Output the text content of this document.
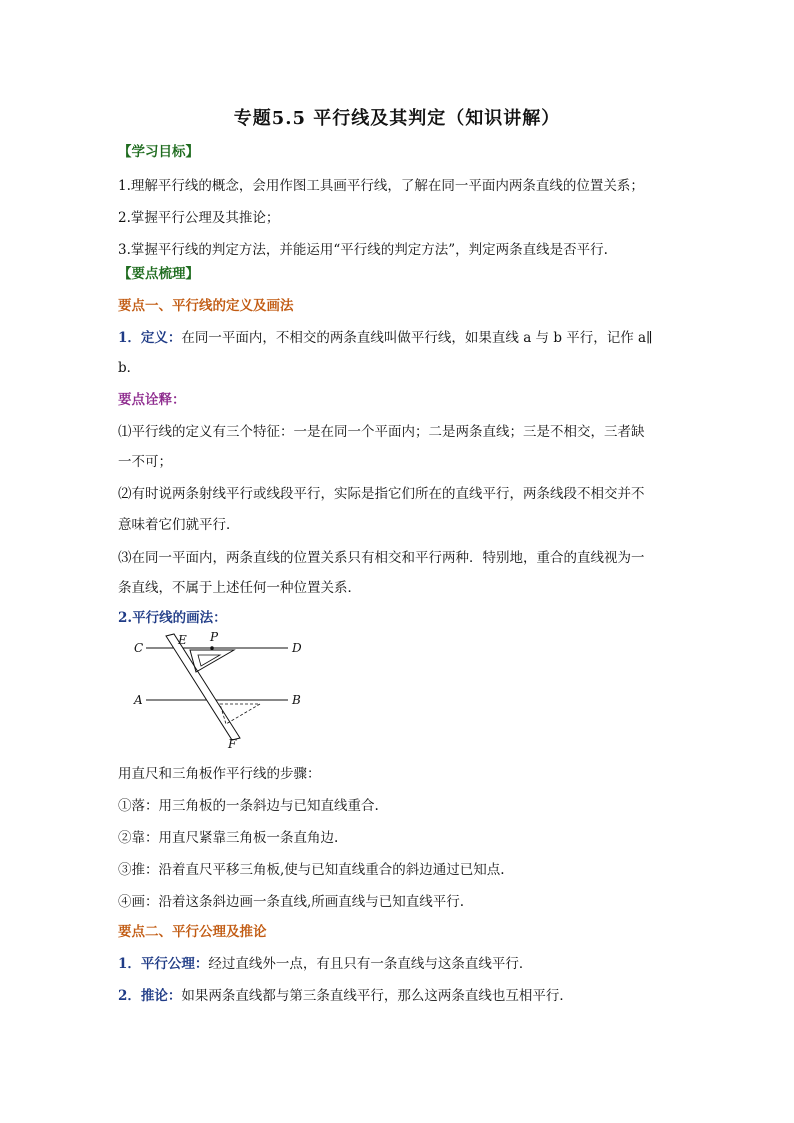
专题5.5 平行线及其判定（知识讲解）
【学习目标】
1.理解平行线的概念，会用作图工具画平行线，了解在同一平面内两条直线的位置关系；
2.掌握平行公理及其推论；
3.掌握平行线的判定方法，并能运用“平行线的判定方法”，判定两条直线是否平行.
【要点梳理】
要点一、平行线的定义及画法
1．定义：在同一平面内，不相交的两条直线叫做平行线，如果直线 a 与 b 平行，记作 a∥
b．
要点诠释：
⑴平行线的定义有三个特征：一是在同一个平面内；二是两条直线；三是不相交，三者缺
一不可；
⑵有时说两条射线平行或线段平行，实际是指它们所在的直线平行，两条线段不相交并不
意味着它们就平行．
⑶在同一平面内，两条直线的位置关系只有相交和平行两种．特别地，重合的直线视为一
条直线，不属于上述任何一种位置关系．
2.平行线的画法：
C
E P
D
A	B
F
用直尺和三角板作平行线的步骤：
①落：用三角板的一条斜边与已知直线重合.
②靠：用直尺紧靠三角板一条直角边.
③推：沿着直尺平移三角板,使与已知直线重合的斜边通过已知点.
④画：沿着这条斜边画一条直线,所画直线与已知直线平行.
要点二、平行公理及推论
1．平行公理：经过直线外一点，有且只有一条直线与这条直线平行．
2．推论：如果两条直线都与第三条直线平行，那么这两条直线也互相平行．
